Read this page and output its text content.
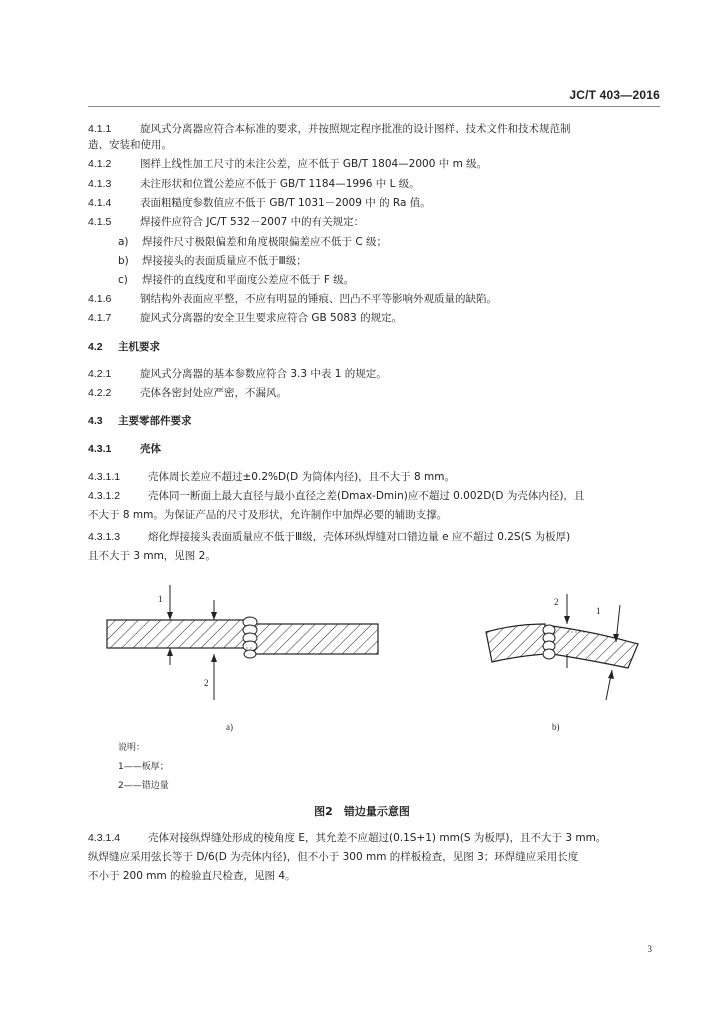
JC/T 403—2016
4.1.1	旋风式分离器应符合本标准的要求，并按照规定程序批准的设计图样、技术文件和技术规范制
造、安装和使用。
4.1.2	图样上线性加工尺寸的未注公差，应不低于 GB/T 1804—2000 中 m 级。
4.1.3	未注形状和位置公差应不低于 GB/T 1184—1996 中 L 级。
4.1.4	表面粗糙度参数值应不低于 GB/T 1031－2009 中 的 Ra 值。
4.1.5	焊接件应符合 JC/T 532－2007 中的有关规定：
a) 焊接件尺寸极限偏差和角度极限偏差应不低于 C 级；
b) 焊接接头的表面质量应不低于Ⅲ级；
c) 焊接件的直线度和平面度公差应不低于 F 级。
4.1.6	钢结构外表面应平整，不应有明显的锤痕、凹凸不平等影响外观质量的缺陷。
4.1.7	旋风式分离器的安全卫生要求应符合 GB 5083 的规定。
4.2 主机要求
4.2.1	旋风式分离器的基本参数应符合 3.3 中表 1 的规定。
4.2.2	壳体各密封处应严密，不漏风。
4.3 主要零部件要求
4.3.1	壳体
4.3.1.1	壳体周长差应不超过±0.2%D(D 为筒体内径)，且不大于 8 mm。
4.3.1.2	壳体同一断面上最大直径与最小直径之差(Dmax-Dmin)应不超过 0.002D(D 为壳体内径)，且
不大于 8 mm。为保证产品的尺寸及形状，允许制作中加焊必要的辅助支撑。
4.3.1.3	熔化焊接接头表面质量应不低于Ⅲ级，壳体环纵焊缝对口错边量 e 应不超过 0.2S(S 为板厚)
且不大于 3 mm，见图 2。
1
2
a)
2
1
b)
说明：
1——板厚；
2——错边量
图2　错边量示意图
4.3.1.4	壳体对接纵焊缝处形成的棱角度 E，其允差不应超过(0.1S+1) mm(S 为板厚)，且不大于 3 mm。
纵焊缝应采用弦长等于 D/6(D 为壳体内径)，但不小于 300 mm 的样板检查，见图 3；环焊缝应采用长度
不小于 200 mm 的检验直尺检查，见图 4。
3
